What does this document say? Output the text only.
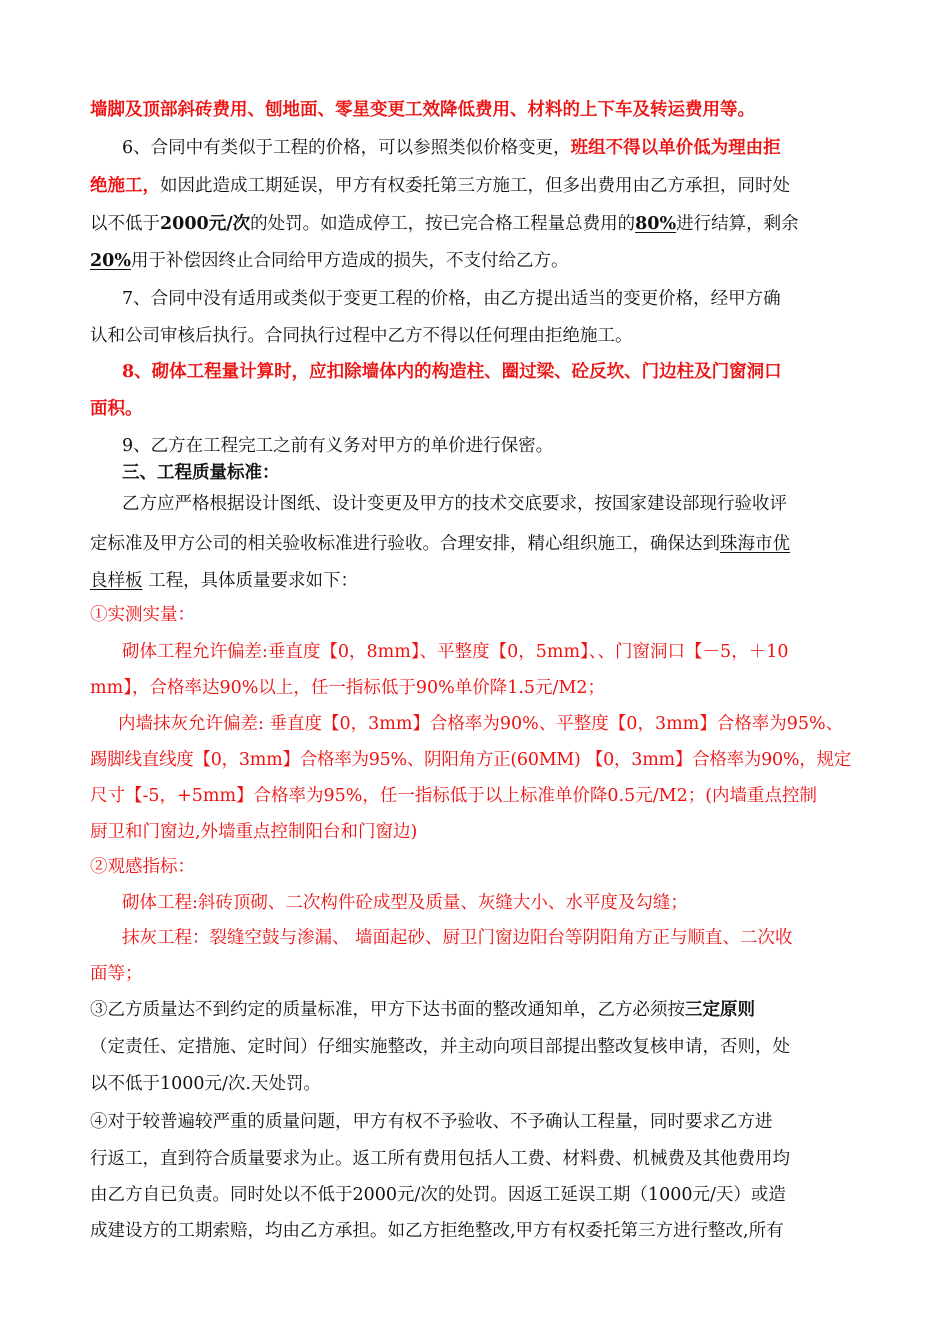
墙脚及顶部斜砖费用、刨地面、零星变更工效降低费用、材料的上下车及转运费用等。
6、合同中有类似于工程的价格，可以参照类似价格变更，班组不得以单价低为理由拒
绝施工，如因此造成工期延误，甲方有权委托第三方施工，但多出费用由乙方承担，同时处
以不低于2000元/次的处罚。如造成停工，按已完合格工程量总费用的80%进行结算，剩余
20%用于补偿因终止合同给甲方造成的损失，不支付给乙方。
7、合同中没有适用或类似于变更工程的价格，由乙方提出适当的变更价格，经甲方确
认和公司审核后执行。合同执行过程中乙方不得以任何理由拒绝施工。
8、砌体工程量计算时，应扣除墙体内的构造柱、圈过梁、砼反坎、门边柱及门窗洞口
面积。
9、乙方在工程完工之前有义务对甲方的单价进行保密。
三、工程质量标准：
乙方应严格根据设计图纸、设计变更及甲方的技术交底要求，按国家建设部现行验收评
定标准及甲方公司的相关验收标准进行验收。合理安排，精心组织施工，确保达到珠海市优
良样板 工程，具体质量要求如下：
①实测实量：
砌体工程允许偏差:垂直度【0，8mm】、平整度【0，5mm】、、门窗洞口【－5，＋10
mm】，合格率达90%以上，任一指标低于90%单价降1.5元/M2；
内墙抹灰允许偏差: 垂直度【0，3mm】合格率为90%、平整度【0，3mm】合格率为95%、
踢脚线直线度【0，3mm】合格率为95%、阴阳角方正(60MM) 【0，3mm】合格率为90%，规定
尺寸【-5，+5mm】合格率为95%，任一指标低于以上标准单价降0.5元/M2；(内墙重点控制
厨卫和门窗边,外墙重点控制阳台和门窗边)
②观感指标：
砌体工程:斜砖顶砌、二次构件砼成型及质量、灰缝大小、水平度及勾缝；
抹灰工程：裂缝空鼓与渗漏、 墙面起砂、厨卫门窗边阳台等阴阳角方正与顺直、二次收
面等；
③乙方质量达不到约定的质量标准，甲方下达书面的整改通知单，乙方必须按三定原则
（定责任、定措施、定时间）仔细实施整改，并主动向项目部提出整改复核申请，否则，处
以不低于1000元/次.天处罚。
④对于较普遍较严重的质量问题，甲方有权不予验收、不予确认工程量，同时要求乙方进
行返工，直到符合质量要求为止。返工所有费用包括人工费、材料费、机械费及其他费用均
由乙方自已负责。同时处以不低于2000元/次的处罚。因返工延误工期（1000元/天）或造
成建设方的工期索赔，均由乙方承担。如乙方拒绝整改,甲方有权委托第三方进行整改,所有
